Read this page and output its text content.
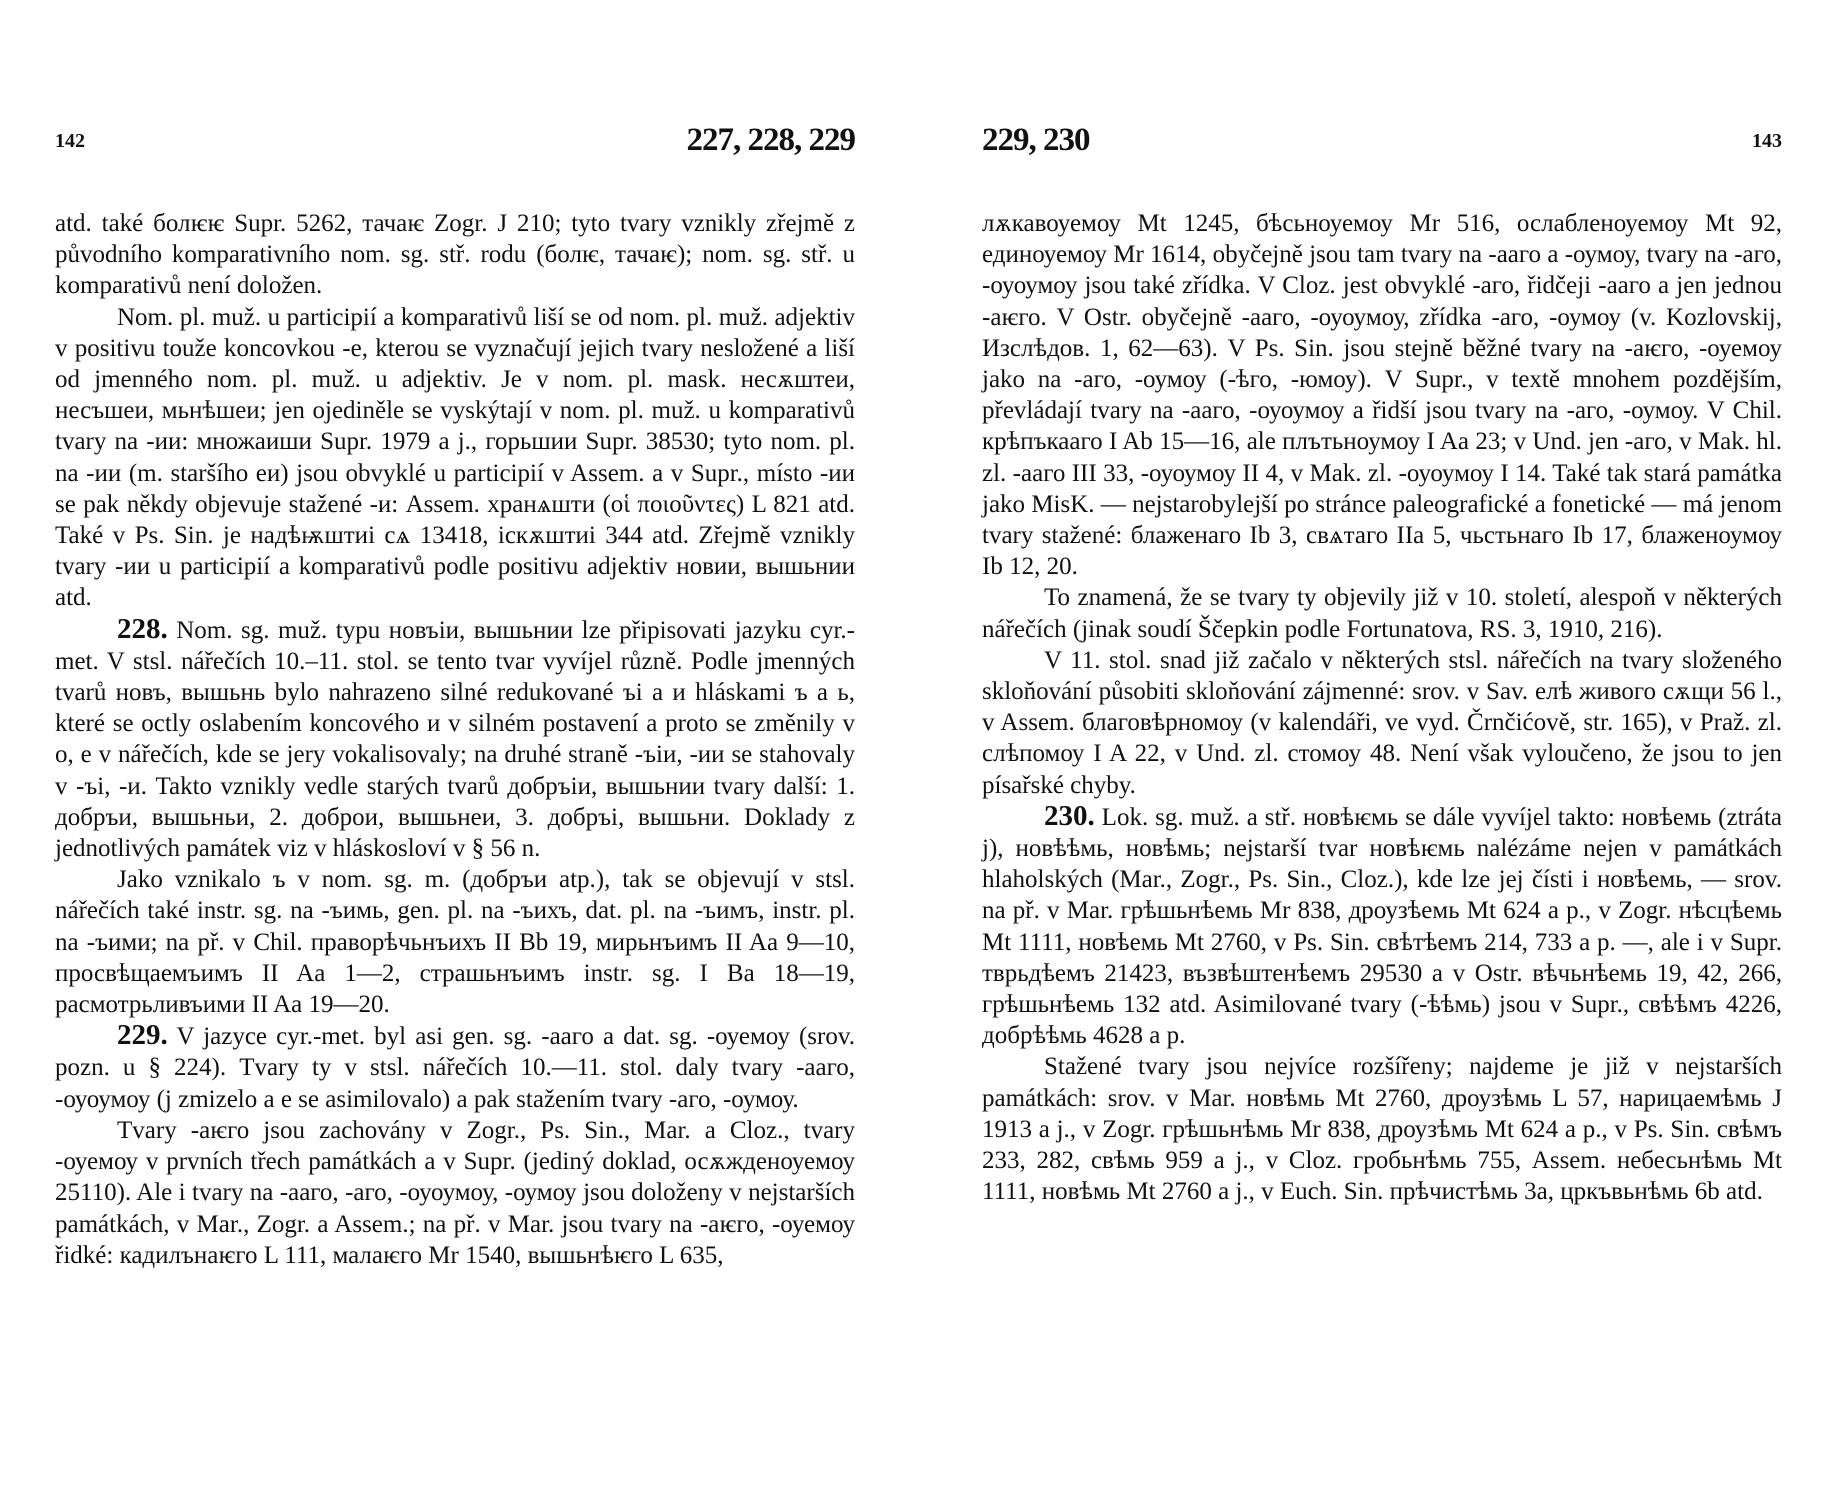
142	227, 228, 229

atd. také болѥѥ Supr. 5262, тачаѥ Zogr. J 210; tyto tvary vznikly zřejmě z původního komparativního nom. sg. stř. rodu (болѥ, тачаѥ); nom. sg. stř. u komparativů není doložen.

Nom. pl. muž. u participií a komparativů liší se od nom. pl. muž. adjektiv v positivu touže koncovkou -e, kterou se vyznačují jejich tvary nesložené a liší od jmenného nom. pl. muž. u adjektiv. Je v nom. pl. mask. несѫштеи, несъшеи, мьнѣшеи; jen ojediněle se vyskýtají v nom. pl. muž. u komparativů tvary na -ии: множаиши Supr. 1979 a j., горьшии Supr. 38530; tyto nom. pl. na -ии (m. staršího еи) jsou obvyklé u participií v Assem. a v Supr., místo -ии se pak někdy objevuje stažené -и: Assem. хранѧшти (οἱ ποιοῦντες) L 821 atd. Také v Ps. Sin. je надѣѭштиі сѧ 13418, іскѫштиі 344 atd. Zřejmě vznikly tvary -ии u participií a komparativů podle positivu adjektiv новии, вышьнии atd.

228. Nom. sg. muž. typu новъіи, вышьнии lze připisovati jazyku cyr.-met. V stsl. nářečích 10.–11. stol. se tento tvar vyvíjel různě. Podle jmenných tvarů новъ, вышьнь bylo nahrazeno silné redukované ъі a и hláskami ъ a ь, které se octly oslabením koncového и v silném postavení a proto se změnily v o, e v nářečích, kde se jery vokalisovaly; na druhé straně -ъіи, -ии se stahovaly v -ъі, -и. Takto vznikly vedle starých tvarů добръіи, вышьнии tvary další: 1. добръи, вышьньи, 2. доброи, вышьнеи, 3. добръі, вышьни. Doklady z jednotlivých památek viz v hláskosloví v § 56 n.

Jako vznikalo ъ v nom. sg. m. (добръи atp.), tak se objevují v stsl. nářečích také instr. sg. na -ъимь, gen. pl. na -ъихъ, dat. pl. na -ъимъ, instr. pl. na -ъими; na př. v Chil. праворѣчьнъихъ II Bb 19, мирьнъимъ II Aa 9—10, просвѣщаемъимъ II Aa 1—2, страшьнъимъ instr. sg. I Ba 18—19, расмотрьливъими II Aa 19—20.

229. V jazyce cyr.-met. byl asi gen. sg. -ааго a dat. sg. -оуемоу (srov. pozn. u § 224). Tvary ty v stsl. nářečích 10.—11. stol. daly tvary -ааго, -оуоумоу (j zmizelo a e se asimilovalo) a pak stažením tvary -аго, -оумоу.

Tvary -аѥго jsou zachovány v Zogr., Ps. Sin., Mar. a Cloz., tvary -оуемоу v prvních třech památkách a v Supr. (jediný doklad, осѫжденоуемоу 25110). Ale i tvary na -ааго, -аго, -оуоумоу, -оумоу jsou doloženy v nejstarších památkách, v Mar., Zogr. a Assem.; na př. v Mar. jsou tvary na -аѥго, -оуемоу řidké: кадилънаѥго L 111, малаѥго Mr 1540, вышьнѣѥго L 635,

229, 230	143

лѫкавоуемоу Mt 1245, бѣсьноуемоу Mr 516, ослабленоуемоу Mt 92, единоуемоу Mr 1614, obyčejně jsou tam tvary na -ааго a -оумоу, tvary na -аго, -оуоумоу jsou také zřídka. V Cloz. jest obvyklé -аго, řidčeji -ааго a jen jednou -аѥго. V Ostr. obyčejně -ааго, -оуоумоу, zřídka -аго, -оумоу (v. Kozlovskij, Изслѣдов. 1, 62—63). V Ps. Sin. jsou stejně běžné tvary na -аѥго, -оуемоу jako na -аго, -оумоу (-ѣго, -юмоу). V Supr., v textě mnohem pozdějším, převládají tvary na -ааго, -оуоумоу a řidší jsou tvary na -аго, -оумоу. V Chil. крѣпъкааго I Ab 15—16, ale плътьноумоу I Aa 23; v Und. jen -аго, v Mak. hl. zl. -ааго III 33, -оуоумоу II 4, v Mak. zl. -оуоумоу I 14. Také tak stará památka jako MisK. — nejstarobylejší po stránce paleografické a fonetické — má jenom tvary stažené: блаженаго Ib 3, свѧтаго IIa 5, чьстьнаго Ib 17, блаженоумоу Ib 12, 20.

To znamená, že se tvary ty objevily již v 10. století, alespoň v některých nářečích (jinak soudí Ščepkin podle Fortunatova, RS. 3, 1910, 216).

V 11. stol. snad již začalo v některých stsl. nářečích na tvary složeného skloňování působiti skloňování zájmenné: srov. v Sav. елѣ живого сѫщи 56 l., v Assem. благовѣрномоу (v kalendáři, ve vyd. Črnčićově, str. 165), v Praž. zl. слѣпомоу I A 22, v Und. zl. стомоу 48. Není však vyloučeno, že jsou to jen písařské chyby.

230. Lok. sg. muž. a stř. новѣѥмь se dále vyvíjel takto: новѣемь (ztráta j), новѣѣмь, новѣмь; nejstarší tvar новѣѥмь nalézáme nejen v památkách hlaholských (Mar., Zogr., Ps. Sin., Cloz.), kde lze jej čísti i новѣемь, — srov. na př. v Mar. грѣшьнѣемь Mr 838, дроузѣемь Mt 624 a p., v Zogr. нѣсцѣемь Mt 1111, новѣемь Mt 2760, v Ps. Sin. свѣтѣемъ 214, 733 a p. —, ale i v Supr. тврьдѣемъ 21423, възвѣштенѣемъ 29530 a v Ostr. вѣчьнѣемь 19, 42, 266, грѣшьнѣемь 132 atd. Asimilované tvary (-ѣѣмь) jsou v Supr., свѣѣмъ 4226, добрѣѣмь 4628 a p.

Stažené tvary jsou nejvíce rozšířeny; najdeme je již v nejstarších památkách: srov. v Mar. новѣмь Mt 2760, дроузѣмь L 57, нарицаемѣмь J 1913 a j., v Zogr. грѣшьнѣмь Mr 838, дроузѣмь Mt 624 a p., v Ps. Sin. свѣмъ 233, 282, свѣмь 959 a j., v Cloz. гробьнѣмь 755, Assem. небесьнѣмь Mt 1111, новѣмь Mt 2760 a j., v Euch. Sin. прѣчистѣмь 3a, цркъвьнѣмь 6b atd.
